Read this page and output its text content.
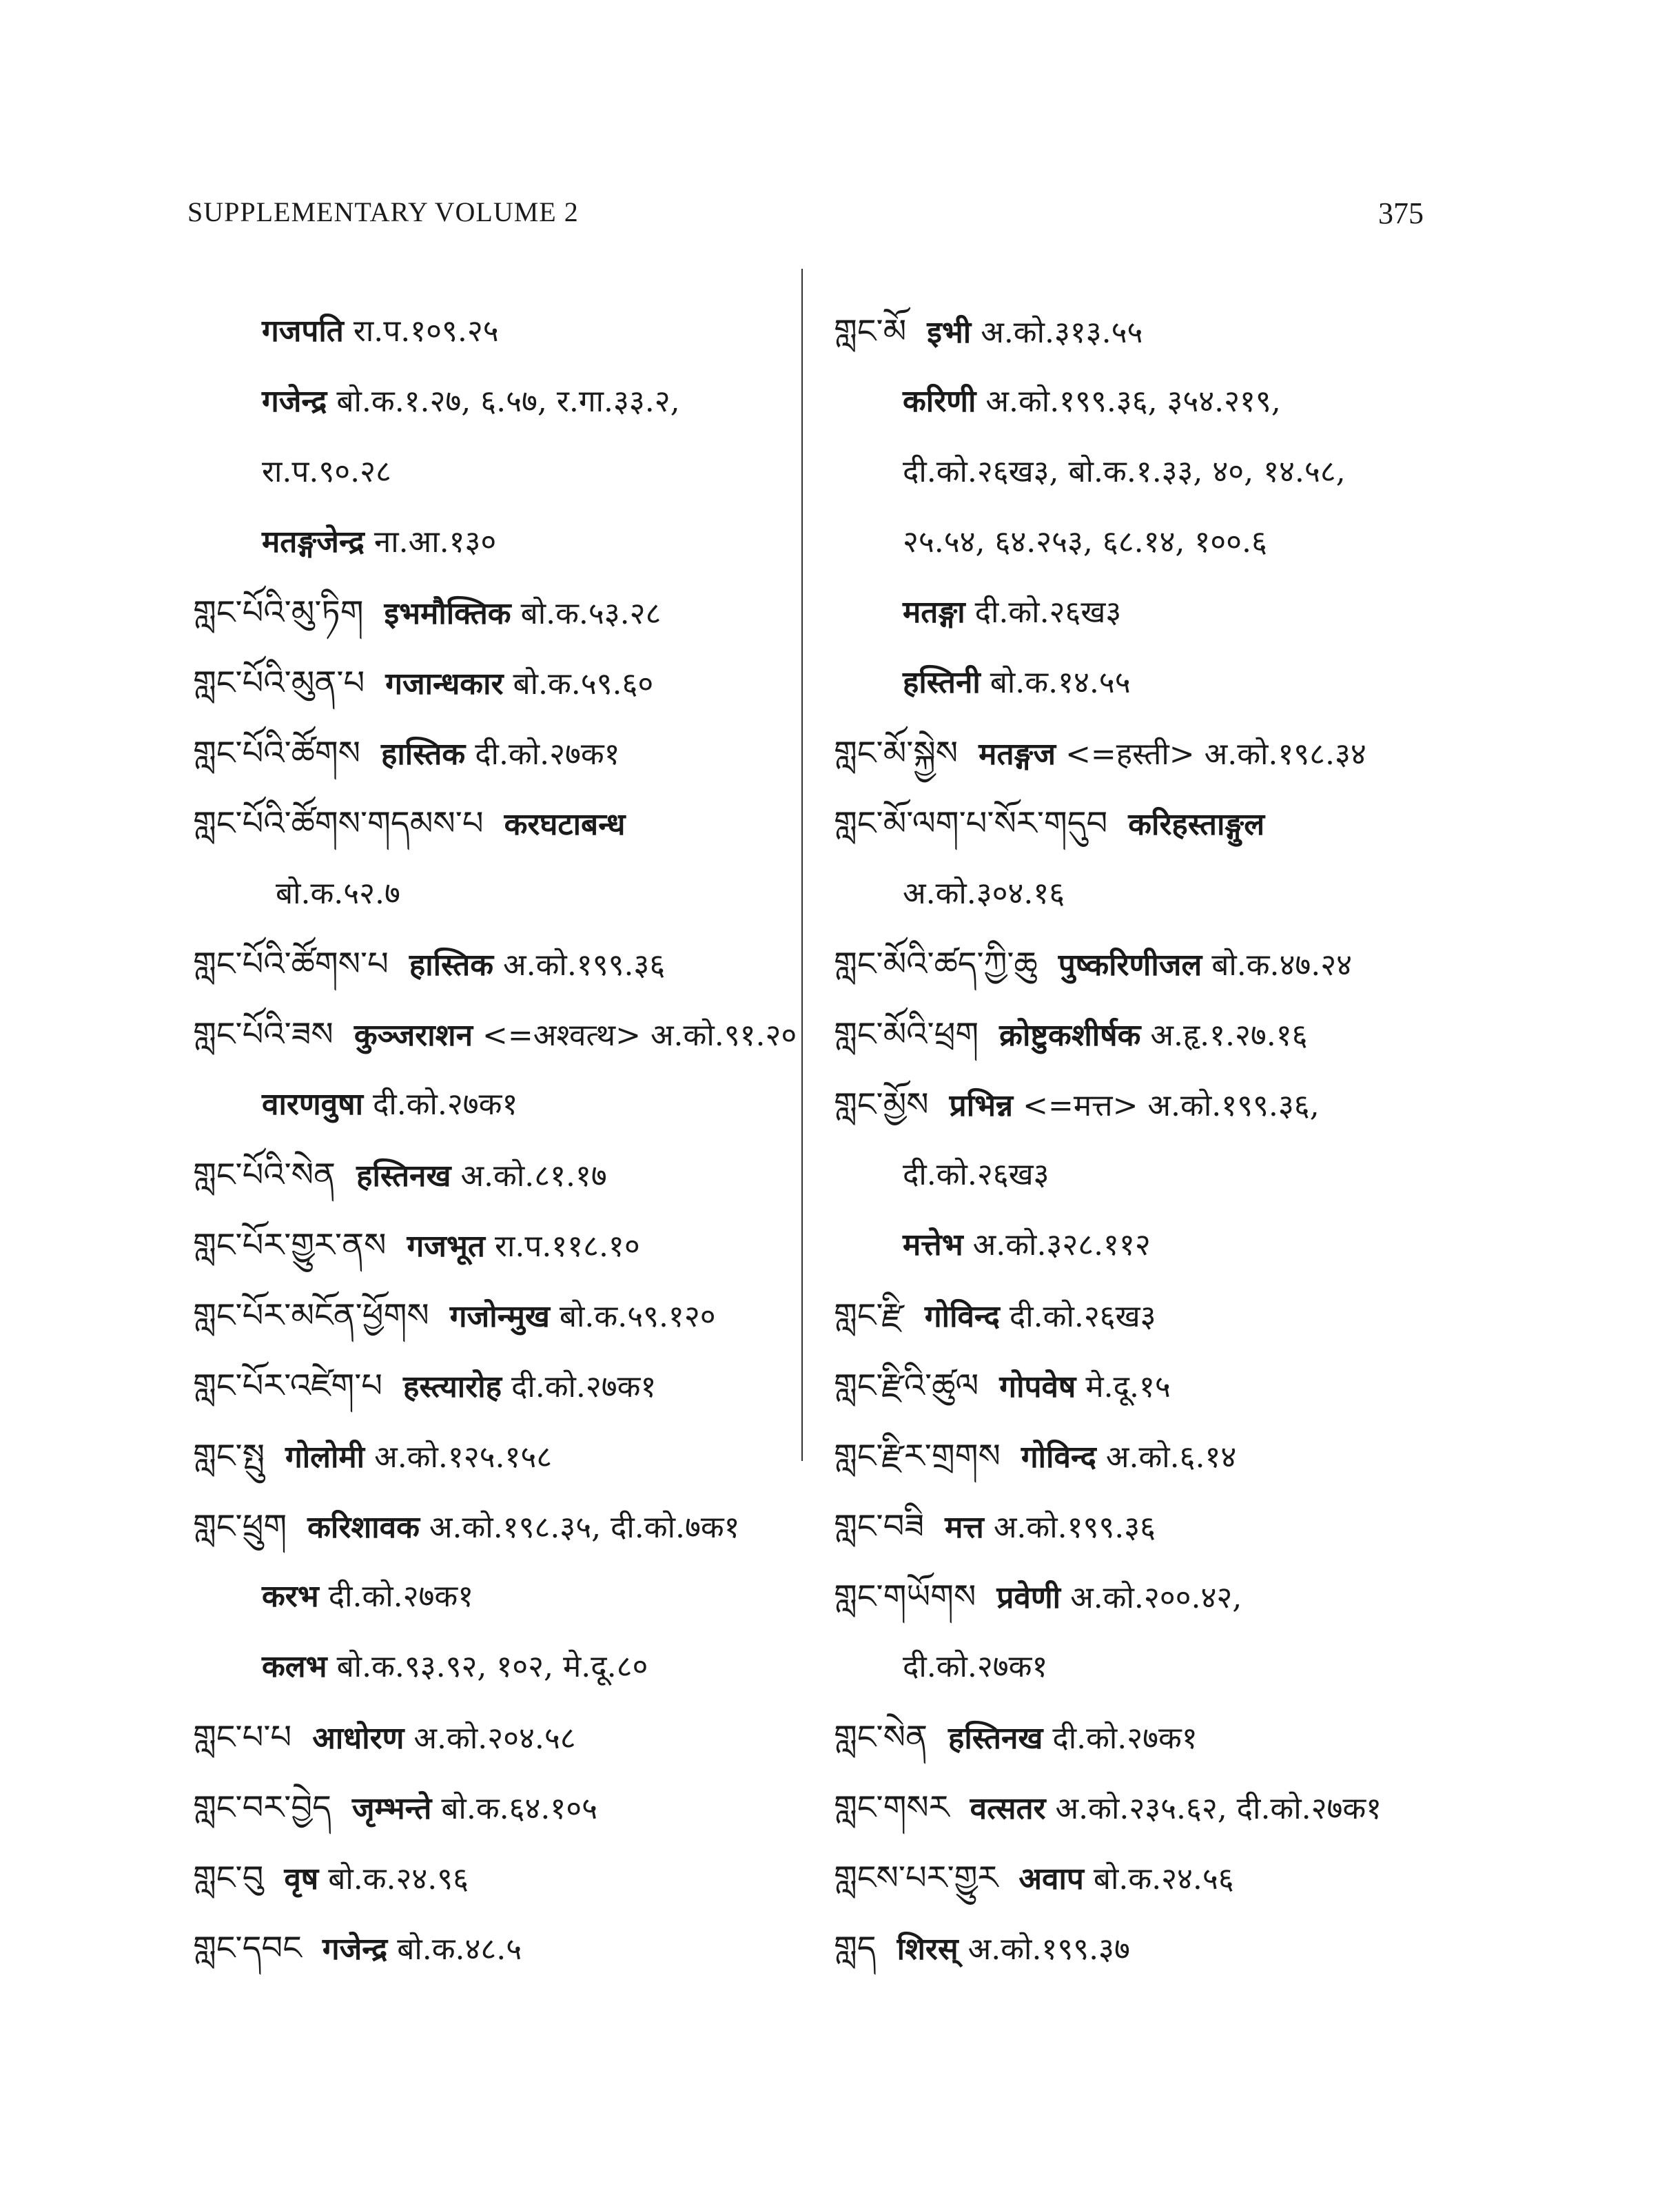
SUPPLEMENTARY VOLUME 2	375
गजपति रा.प.१०९.२५
गजेन्द्र बो.क.१.२७, ६.५७, र.गा.३३.२,
रा.प.९०.२८
मतङ्गजेन्द्र ना.आ.१३०
གླང་པོའི་མུ་ཏིག इभमौक्तिक बो.क.५३.२८
གླང་པོའི་མུན་པ गजान्धकार बो.क.५९.६०
གླང་པོའི་ཚོགས हास्तिक दी.को.२७क१
གླང་པོའི་ཚོགས་གདམས་པ करघटाबन्ध
बो.क.५२.७
གླང་པོའི་ཚོགས་པ हास्तिक अ.को.१९९.३६
གླང་པོའི་ཟས कुञ्जराशन <=अश्वत्थ> अ.को.९१.२०
वारणवुषा दी.को.२७क१
གླང་པོའི་སེན हस्तिनख अ.को.८१.१७
གླང་པོར་གྱུར་ནས गजभूत रा.प.११८.१०
གླང་པོར་མངོན་ཕྱོགས गजोन्मुख बो.क.५९.१२०
གླང་པོར་འཛེག་པ हस्त्यारोह दी.को.२७क१
གླང་སྤུ गोलोमी अ.को.१२५.१५८
གླང་ཕྲུག करिशावक अ.को.१९८.३५, दी.को.७क१
करभ दी.को.२७क१
कलभ बो.क.९३.९२, १०२, मे.दू.८०
གླང་པ་པ आधोरण अ.को.२०४.५८
གླང་བར་བྱེད जृम्भन्ते बो.क.६४.१०५
གླང་བུ वृष बो.क.२४.९६
གླང་དབང गजेन्द्र बो.क.४८.५
གླང་མོ इभी अ.को.३१३.५५
करिणी अ.को.१९९.३६, ३५४.२१९,
दी.को.२६ख३, बो.क.१.३३, ४०, १४.५८,
२५.५४, ६४.२५३, ६८.१४, १००.६
मतङ्गा दी.को.२६ख३
हस्तिनी बो.क.१४.५५
གླང་མོ་སྐྱེས मतङ्गज <=हस्ती> अ.को.१९८.३४
གླང་མོ་ལག་པ་སོར་གདུབ करिहस्ताङ्गुल
अ.को.३०४.१६
གླང་མོའི་ཚད་ཀྱི་ཆུ पुष्करिणीजल बो.क.४७.२४
གླང་མོའི་ཕྲག क्रोष्टुकशीर्षक अ.हृ.१.२७.१६
གླང་མྱོས प्रभिन्न <=मत्त> अ.को.१९९.३६,
दी.को.२६ख३
मत्तेभ अ.को.३२८.११२
གླང་རྫི गोविन्द दी.को.२६ख३
གླང་རྫིའི་ཚུལ गोपवेष मे.दू.१५
གླང་རྫིར་གྲགས गोविन्द अ.को.६.१४
གླང་བཟི मत्त अ.को.१९९.३६
གླང་གཡོགས प्रवेणी अ.को.२००.४२,
दी.को.२७क१
གླང་སེན हस्तिनख दी.को.२७क१
གླང་གསར वत्सतर अ.को.२३५.६२, दी.को.२७क१
གླངས་པར་གྱུར अवाप बो.क.२४.५६
གླད शिरस् अ.को.१९९.३७
